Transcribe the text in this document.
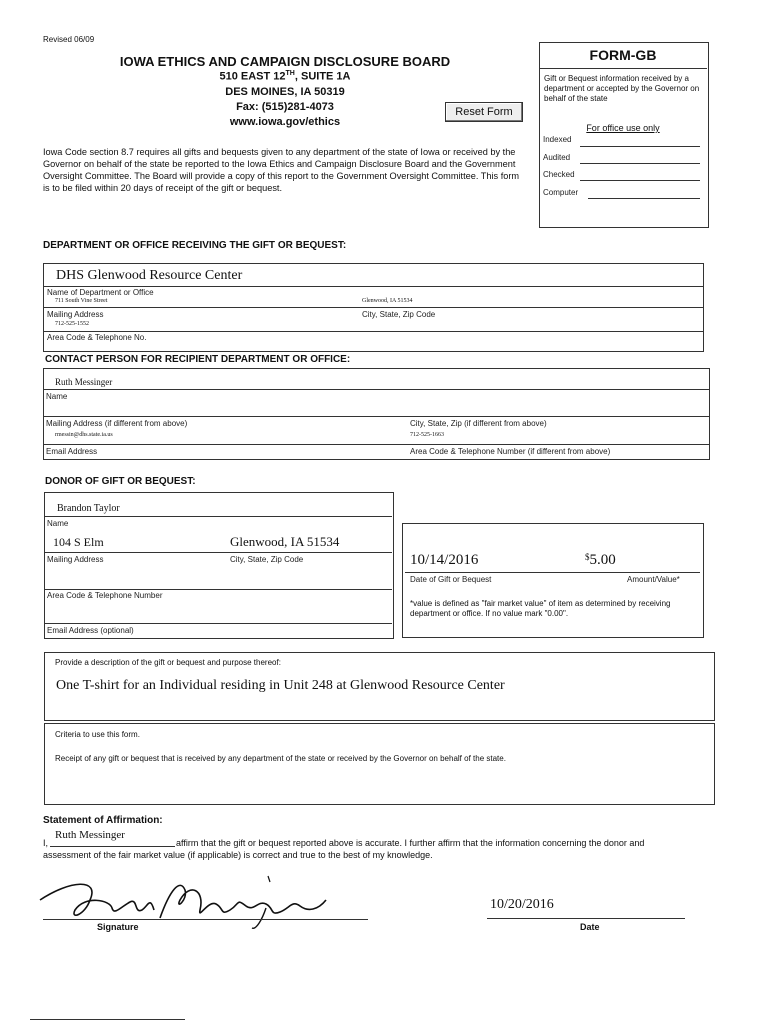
Revised 06/09
IOWA ETHICS AND CAMPAIGN DISCLOSURE BOARD
510 EAST 12TH, SUITE 1A
DES MOINES, IA 50319
Fax: (515)281-4073
www.iowa.gov/ethics
Reset Form
FORM-GB
Gift or Bequest information received by a department or accepted by the Governor on behalf of the state
For office use only
Indexed
Audited
Checked
Computer
Iowa Code section 8.7 requires all gifts and bequests given to any department of the state of Iowa or received by the Governor on behalf of the state be reported to the Iowa Ethics and Campaign Disclosure Board and the Government Oversight Committee. The Board will provide a copy of this report to the Government Oversight Committee. This form is to be filed within 20 days of receipt of the gift or bequest.
DEPARTMENT OR OFFICE RECEIVING THE GIFT OR BEQUEST:
DHS Glenwood Resource Center
Name of Department or Office
711 South Vine Street	Glenwood, IA 51534
Mailing Address	City, State, Zip Code
712-525-1552
Area Code & Telephone No.
CONTACT PERSON FOR RECIPIENT DEPARTMENT OR OFFICE:
Ruth Messinger
Name
Mailing Address (if different from above)	City, State, Zip (if different from above)
rmessin@dhs.state.ia.us	712-525-1663
Email Address	Area Code & Telephone Number (if different from above)
DONOR OF GIFT OR BEQUEST:
Brandon Taylor
Name
104 S Elm	Glenwood, IA 51534
Mailing Address	City, State, Zip Code
Area Code & Telephone Number
Email Address (optional)
10/14/2016	$5.00
Date of Gift or Bequest	Amount/Value*
*value is defined as "fair market value" of item as determined by receiving department or office. If no value mark "0.00".
Provide a description of the gift or bequest and purpose thereof:
One T-shirt for an Individual residing in Unit 248 at Glenwood Resource Center
Criteria to use this form.
Receipt of any gift or bequest that is received by any department of the state or received by the Governor on behalf of the state.
Statement of Affirmation:
I,
Ruth Messinger
affirm that the gift or bequest reported above is accurate. I further affirm that the information concerning the donor and
assessment of the fair market value (if applicable) is correct and true to the best of my knowledge.
Signature
10/20/2016
Date
